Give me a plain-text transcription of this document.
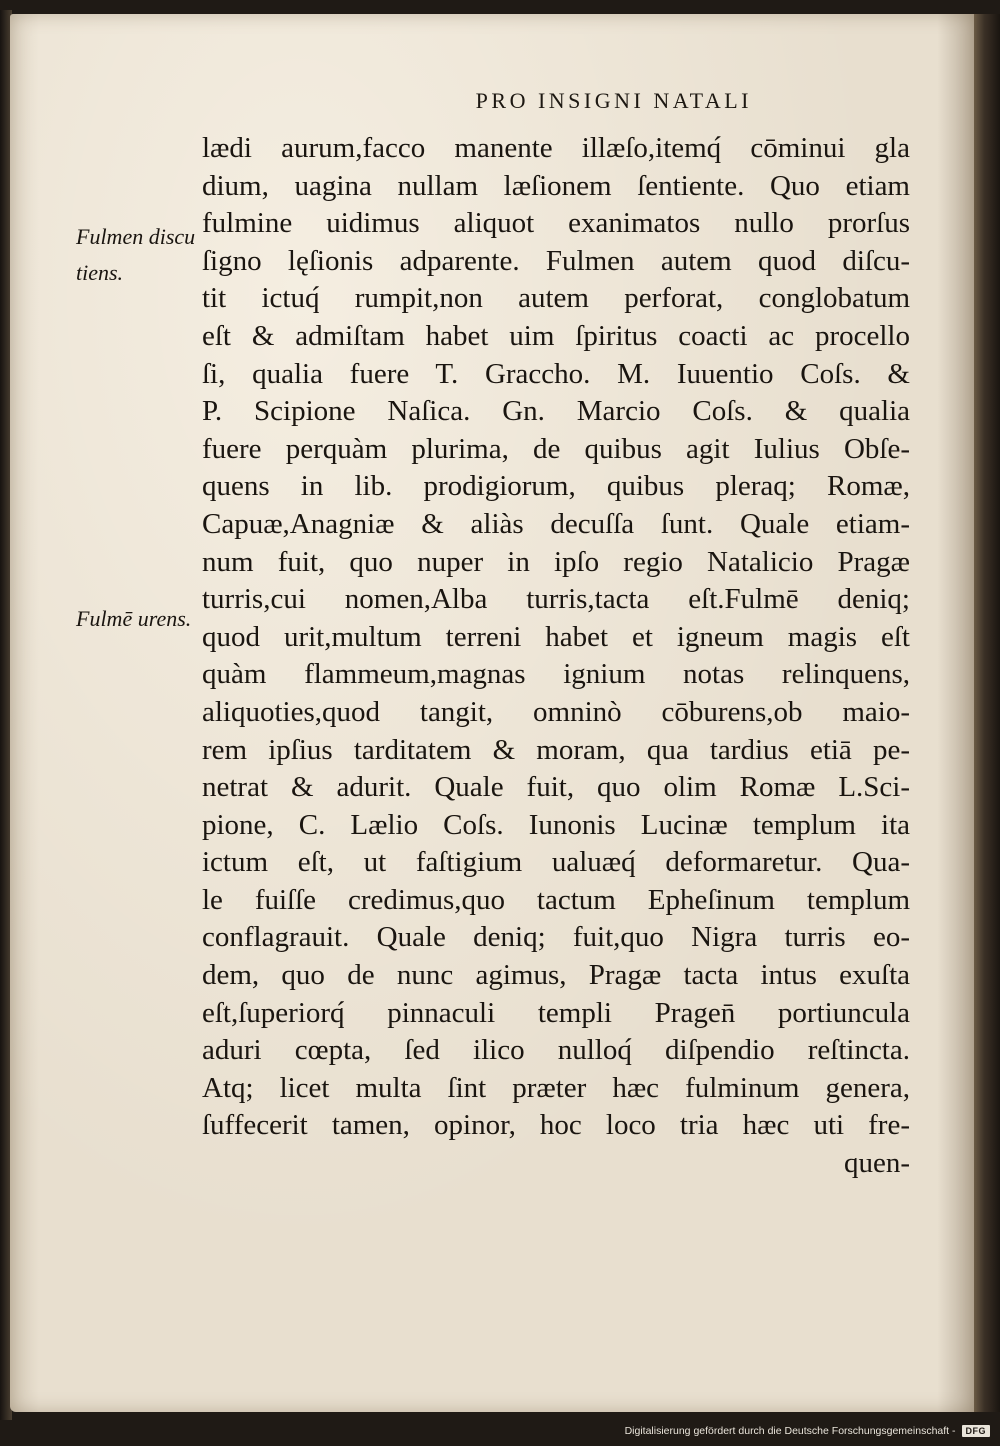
PRO INSIGNI NATALI
Fulmen discu
tiens.
Fulmē urens.
lædi aurum,facco manente illæſo,itemq́ cōminui gla
dium, uagina nullam læſionem ſentiente. Quo etiam
fulmine uidimus aliquot exanimatos nullo prorſus
ſigno lęſionis adparente. Fulmen autem quod diſcu-
tit ictuq́ rumpit,non autem perforat, conglobatum
eſt & admiſtam habet uim ſpiritus coacti ac procello
ſi, qualia fuere T. Graccho. M. Iuuentio Coſs. &
P. Scipione Naſica. Gn. Marcio Coſs. & qualia
fuere perquàm plurima, de quibus agit Iulius Obſe-
quens in lib. prodigiorum, quibus pleraq; Romæ,
Capuæ,Anagniæ & aliàs decuſſa ſunt. Quale etiam-
num fuit, quo nuper in ipſo regio Natalicio Pragæ
turris,cui nomen,Alba turris,tacta eſt.Fulmē deniq;
quod urit,multum terreni habet et igneum magis eſt
quàm flammeum,magnas ignium notas relinquens,
aliquoties,quod tangit, omninò cōburens,ob maio-
rem ipſius tarditatem & moram, qua tardius etiā pe-
netrat & adurit. Quale fuit, quo olim Romæ L.Sci-
pione, C. Lælio Coſs. Iunonis Lucinæ templum ita
ictum eſt, ut faſtigium ualuæq́ deformaretur. Qua-
le fuiſſe credimus,quo tactum Epheſinum templum
conflagrauit. Quale deniq; fuit,quo Nigra turris eo-
dem, quo de nunc agimus, Pragæ tacta intus exuſta
eſt,ſuperiorq́ pinnaculi templi Pragen̄ portiuncula
aduri cœpta, ſed ilico nulloq́ diſpendio reſtincta.
Atq; licet multa ſint præter hæc fulminum genera,
ſuffecerit tamen, opinor, hoc loco tria hæc uti fre-
quen-
Digitalisierung gefördert durch die Deutsche Forschungsgemeinschaft -	DFG
